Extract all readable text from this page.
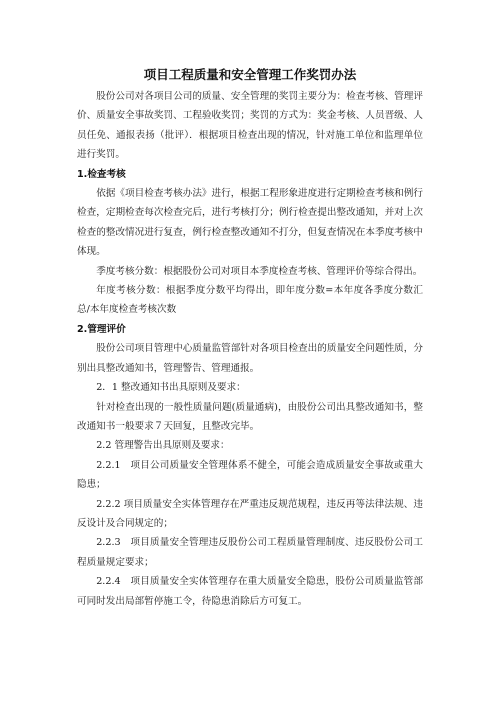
项目工程质量和安全管理工作奖罚办法

股份公司对各项目公司的质量、安全管理的奖罚主要分为：检查考核、管理评价、质量安全事故奖罚、工程验收奖罚；奖罚的方式为：奖金考核、人员晋级、人员任免、通报表扬（批评）．根据项目检查出现的情况，针对施工单位和监理单位进行奖罚。

1.检查考核

依据《项目检查考核办法》进行，根据工程形象进度进行定期检查考核和例行检查，定期检查每次检查完后，进行考核打分；例行检查提出整改通知，并对上次检查的整改情况进行复查，例行检查整改通知不打分，但复查情况在本季度考核中体现。

季度考核分数：根据股份公司对项目本季度检查考核、管理评价等综合得出。

年度考核分数：根据季度分数平均得出，即年度分数=本年度各季度分数汇总/本年度检查考核次数

2.管理评价

股份公司项目管理中心质量监管部针对各项目检查出的质量安全问题性质，分别出具整改通知书，管理警告、管理通报。

2．1 整改通知书出具原则及要求：

针对检查出现的一般性质量问题(质量通病)，由股份公司出具整改通知书，整改通知书一般要求７天回复，且整改完毕。

2.2 管理警告出具原则及要求：

2.2.1　项目公司质量安全管理体系不健全，可能会造成质量安全事故或重大隐患；

2.2.2 项目质量安全实体管理存在严重违反规范规程，违反再等法律法规、违反设计及合同规定的；

2.2.3　项目质量安全管理违反股份公司工程质量管理制度、违反股份公司工程质量规定要求；

2.2.4　项目质量安全实体管理存在重大质量安全隐患，股份公司质量监管部可同时发出局部暂停施工令，待隐患消除后方可复工。
